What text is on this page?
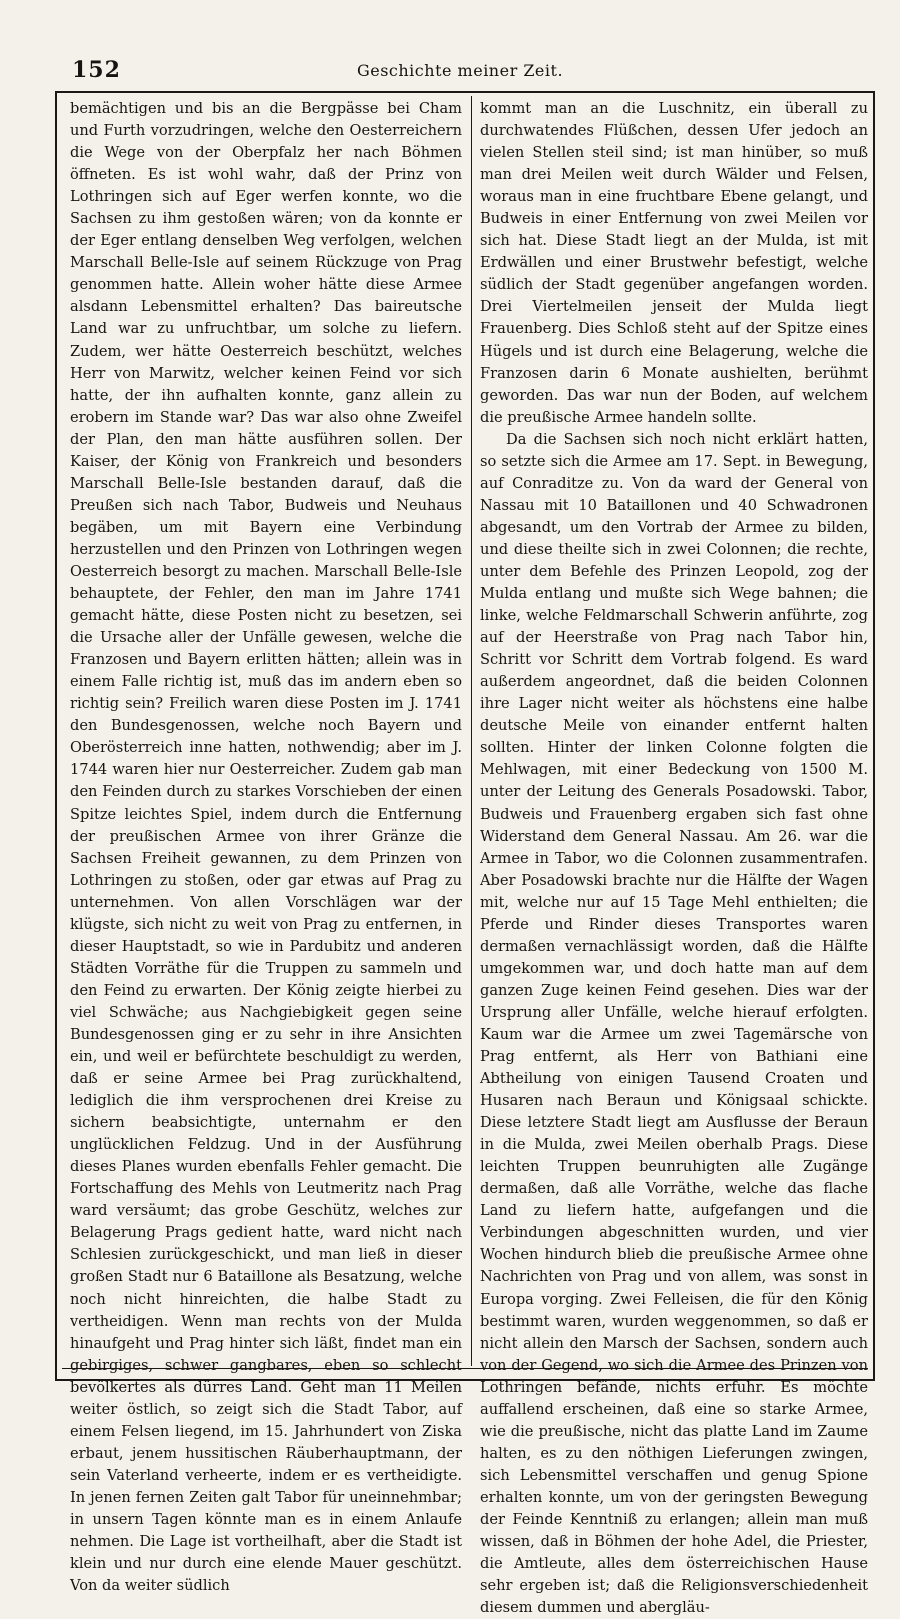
152	Geschichte meiner Zeit.

bemächtigen und bis an die Bergpässe bei Cham und Furth vorzudringen, welche den Oesterreichern die Wege von der Oberpfalz her nach Böhmen öffneten. Es ist wohl wahr, daß der Prinz von Lothringen sich auf Eger werfen konnte, wo die Sachsen zu ihm gestoßen wären; von da konnte er der Eger entlang denselben Weg verfolgen, welchen Marschall Belle-Isle auf seinem Rückzuge von Prag genommen hatte. Allein woher hätte diese Armee alsdann Lebensmittel erhalten? Das baireutsche Land war zu unfruchtbar, um solche zu liefern. Zudem, wer hätte Oesterreich beschützt, welches Herr von Marwitz, welcher keinen Feind vor sich hatte, der ihn aufhalten konnte, ganz allein zu erobern im Stande war? Das war also ohne Zweifel der Plan, den man hätte ausführen sollen. Der Kaiser, der König von Frankreich und besonders Marschall Belle-Isle bestanden darauf, daß die Preußen sich nach Tabor, Budweis und Neuhaus begäben, um mit Bayern eine Verbindung herzustellen und den Prinzen von Lothringen wegen Oesterreich besorgt zu machen. Marschall Belle-Isle behauptete, der Fehler, den man im Jahre 1741 gemacht hätte, diese Posten nicht zu besetzen, sei die Ursache aller der Unfälle gewesen, welche die Franzosen und Bayern erlitten hätten; allein was in einem Falle richtig ist, muß das im andern eben so richtig sein? Freilich waren diese Posten im J. 1741 den Bundesgenossen, welche noch Bayern und Oberösterreich inne hatten, nothwendig; aber im J. 1744 waren hier nur Oesterreicher. Zudem gab man den Feinden durch zu starkes Vorschieben der einen Spitze leichtes Spiel, indem durch die Entfernung der preußischen Armee von ihrer Gränze die Sachsen Freiheit gewannen, zu dem Prinzen von Lothringen zu stoßen, oder gar etwas auf Prag zu unternehmen. Von allen Vorschlägen war der klügste, sich nicht zu weit von Prag zu entfernen, in dieser Hauptstadt, so wie in Pardubitz und anderen Städten Vorräthe für die Truppen zu sammeln und den Feind zu erwarten. Der König zeigte hierbei zu viel Schwäche; aus Nachgiebigkeit gegen seine Bundesgenossen ging er zu sehr in ihre Ansichten ein, und weil er befürchtete beschuldigt zu werden, daß er seine Armee bei Prag zurückhaltend, lediglich die ihm versprochenen drei Kreise zu sichern beabsichtigte, unternahm er den unglücklichen Feldzug. Und in der Ausführung dieses Planes wurden ebenfalls Fehler gemacht. Die Fortschaffung des Mehls von Leutmeritz nach Prag ward versäumt; das grobe Geschütz, welches zur Belagerung Prags gedient hatte, ward nicht nach Schlesien zurückgeschickt, und man ließ in dieser großen Stadt nur 6 Bataillone als Besatzung, welche noch nicht hinreichten, die halbe Stadt zu vertheidigen. Wenn man rechts von der Mulda hinaufgeht und Prag hinter sich läßt, findet man ein gebirgiges, schwer gangbares, eben so schlecht bevölkertes als dürres Land. Geht man 11 Meilen weiter östlich, so zeigt sich die Stadt Tabor, auf einem Felsen liegend, im 15. Jahrhundert von Ziska erbaut, jenem hussitischen Räuberhauptmann, der sein Vaterland verheerte, indem er es vertheidigte. In jenen fernen Zeiten galt Tabor für uneinnehmbar; in unsern Tagen könnte man es in einem Anlaufe nehmen. Die Lage ist vortheilhaft, aber die Stadt ist klein und nur durch eine elende Mauer geschützt. Von da weiter südlich

kommt man an die Luschnitz, ein überall zu durchwatendes Flüßchen, dessen Ufer jedoch an vielen Stellen steil sind; ist man hinüber, so muß man drei Meilen weit durch Wälder und Felsen, woraus man in eine fruchtbare Ebene gelangt, und Budweis in einer Entfernung von zwei Meilen vor sich hat. Diese Stadt liegt an der Mulda, ist mit Erdwällen und einer Brustwehr befestigt, welche südlich der Stadt gegenüber angefangen worden. Drei Viertelmeilen jenseit der Mulda liegt Frauenberg. Dies Schloß steht auf der Spitze eines Hügels und ist durch eine Belagerung, welche die Franzosen darin 6 Monate aushielten, berühmt geworden. Das war nun der Boden, auf welchem die preußische Armee handeln sollte.

Da die Sachsen sich noch nicht erklärt hatten, so setzte sich die Armee am 17. Sept. in Bewegung, auf Conraditze zu. Von da ward der General von Nassau mit 10 Bataillonen und 40 Schwadronen abgesandt, um den Vortrab der Armee zu bilden, und diese theilte sich in zwei Colonnen; die rechte, unter dem Befehle des Prinzen Leopold, zog der Mulda entlang und mußte sich Wege bahnen; die linke, welche Feldmarschall Schwerin anführte, zog auf der Heerstraße von Prag nach Tabor hin, Schritt vor Schritt dem Vortrab folgend. Es ward außerdem angeordnet, daß die beiden Colonnen ihre Lager nicht weiter als höchstens eine halbe deutsche Meile von einander entfernt halten sollten. Hinter der linken Colonne folgten die Mehlwagen, mit einer Bedeckung von 1500 M. unter der Leitung des Generals Posadowski. Tabor, Budweis und Frauenberg ergaben sich fast ohne Widerstand dem General Nassau. Am 26. war die Armee in Tabor, wo die Colonnen zusammentrafen. Aber Posadowski brachte nur die Hälfte der Wagen mit, welche nur auf 15 Tage Mehl enthielten; die Pferde und Rinder dieses Transportes waren dermaßen vernachlässigt worden, daß die Hälfte umgekommen war, und doch hatte man auf dem ganzen Zuge keinen Feind gesehen. Dies war der Ursprung aller Unfälle, welche hierauf erfolgten. Kaum war die Armee um zwei Tagemärsche von Prag entfernt, als Herr von Bathiani eine Abtheilung von einigen Tausend Croaten und Husaren nach Beraun und Königsaal schickte. Diese letztere Stadt liegt am Ausflusse der Beraun in die Mulda, zwei Meilen oberhalb Prags. Diese leichten Truppen beunruhigten alle Zugänge dermaßen, daß alle Vorräthe, welche das flache Land zu liefern hatte, aufgefangen und die Verbindungen abgeschnitten wurden, und vier Wochen hindurch blieb die preußische Armee ohne Nachrichten von Prag und von allem, was sonst in Europa vorging. Zwei Felleisen, die für den König bestimmt waren, wurden weggenommen, so daß er nicht allein den Marsch der Sachsen, sondern auch von der Gegend, wo sich die Armee des Prinzen von Lothringen befände, nichts erfuhr. Es möchte auffallend erscheinen, daß eine so starke Armee, wie die preußische, nicht das platte Land im Zaume halten, es zu den nöthigen Lieferungen zwingen, sich Lebensmittel verschaffen und genug Spione erhalten konnte, um von der geringsten Bewegung der Feinde Kenntniß zu erlangen; allein man muß wissen, daß in Böhmen der hohe Adel, die Priester, die Amtleute, alles dem österreichischen Hause sehr ergeben ist; daß die Religionsverschiedenheit diesem dummen und abergläu-
